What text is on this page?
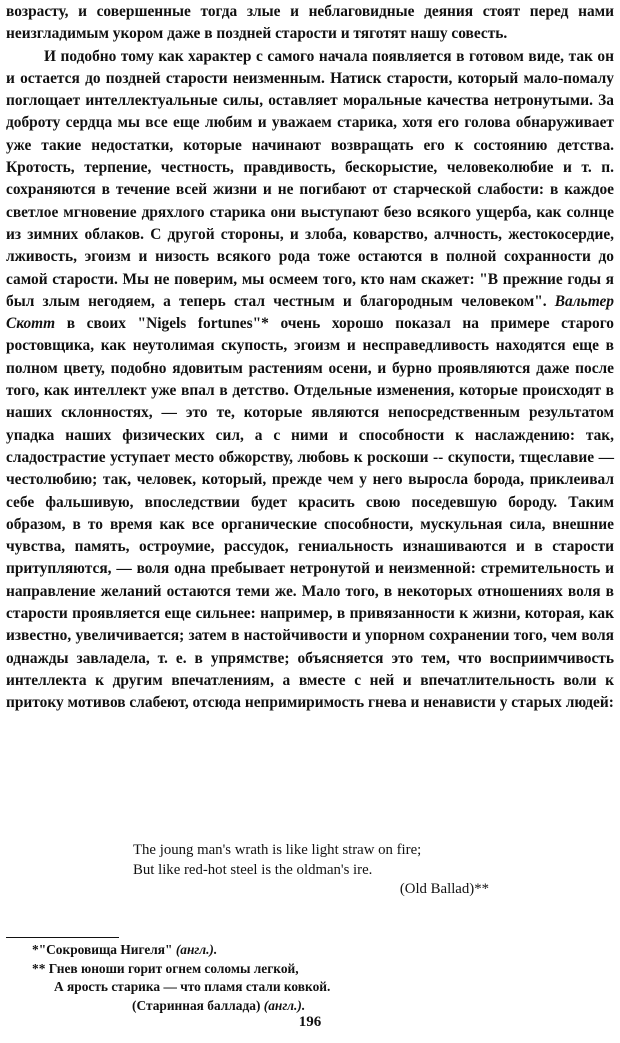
возрасту, и совершенные тогда злые и неблаговидные деяния стоят перед нами неизгладимым укором даже в поздней старости и тяготят нашу совесть.

И подобно тому как характер с самого начала появляется в готовом виде, так он и остается до поздней старости неизменным. Натиск старости, который мало-помалу поглощает интеллектуальные силы, оставляет моральные качества нетронутыми. За доброту сердца мы все еще любим и уважаем старика, хотя его голова обнаруживает уже такие недостатки, которые начинают возвращать его к состоянию детства. Кротость, терпение, честность, правдивость, бескорыстие, человеколюбие и т. п. сохраняются в течение всей жизни и не погибают от старческой слабости: в каждое светлое мгновение дряхлого старика они выступают безо всякого ущерба, как солнце из зимних облаков. С другой стороны, и злоба, коварство, алчность, жестокосердие, лживость, эгоизм и низость всякого рода тоже остаются в полной сохранности до самой старости. Мы не поверим, мы осмеем того, кто нам скажет: "В прежние годы я был злым негодяем, а теперь стал честным и благородным человеком". Вальтер Скотт в своих "Nigels fortunes"* очень хорошо показал на примере старого ростовщика, как неутолимая скупость, эгоизм и несправедливость находятся еще в полном цвету, подобно ядовитым растениям осени, и бурно проявляются даже после того, как интеллект уже впал в детство. Отдельные изменения, которые происходят в наших склонностях, — это те, которые являются непосредственным результатом упадка наших физических сил, а с ними и способности к наслаждению: так, сладострастие уступает место обжорству, любовь к роскоши -- скупости, тщеславие — честолюбию; так, человек, который, прежде чем у него выросла борода, приклеивал себе фальшивую, впоследствии будет красить свою поседевшую бороду. Таким образом, в то время как все органические способности, мускульная сила, внешние чувства, память, остроумие, рассудок, гениальность изнашиваются и в старости притупляются, — воля одна пребывает нетронутой и неизменной: стремительность и направление желаний остаются теми же. Мало того, в некоторых отношениях воля в старости проявляется еще сильнее: например, в привязанности к жизни, которая, как известно, увеличивается; затем в настойчивости и упорном сохранении того, чем воля однажды завладела, т. е. в упрямстве; объясняется это тем, что восприимчивость интеллекта к другим впечатлениям, а вместе с ней и впечатлительность воли к притоку мотивов слабеют, отсюда непримиримость гнева и ненависти у старых людей:

The joung man's wrath is like light straw on fire;
But like red-hot steel is the oldman's ire.
(Old Ballad)**
*"Сокровища Нигеля" (англ.).
** Гнев юноши горит огнем соломы легкой,
А ярость старика — что пламя стали ковкой.
(Старинная баллада) (англ.).
196
